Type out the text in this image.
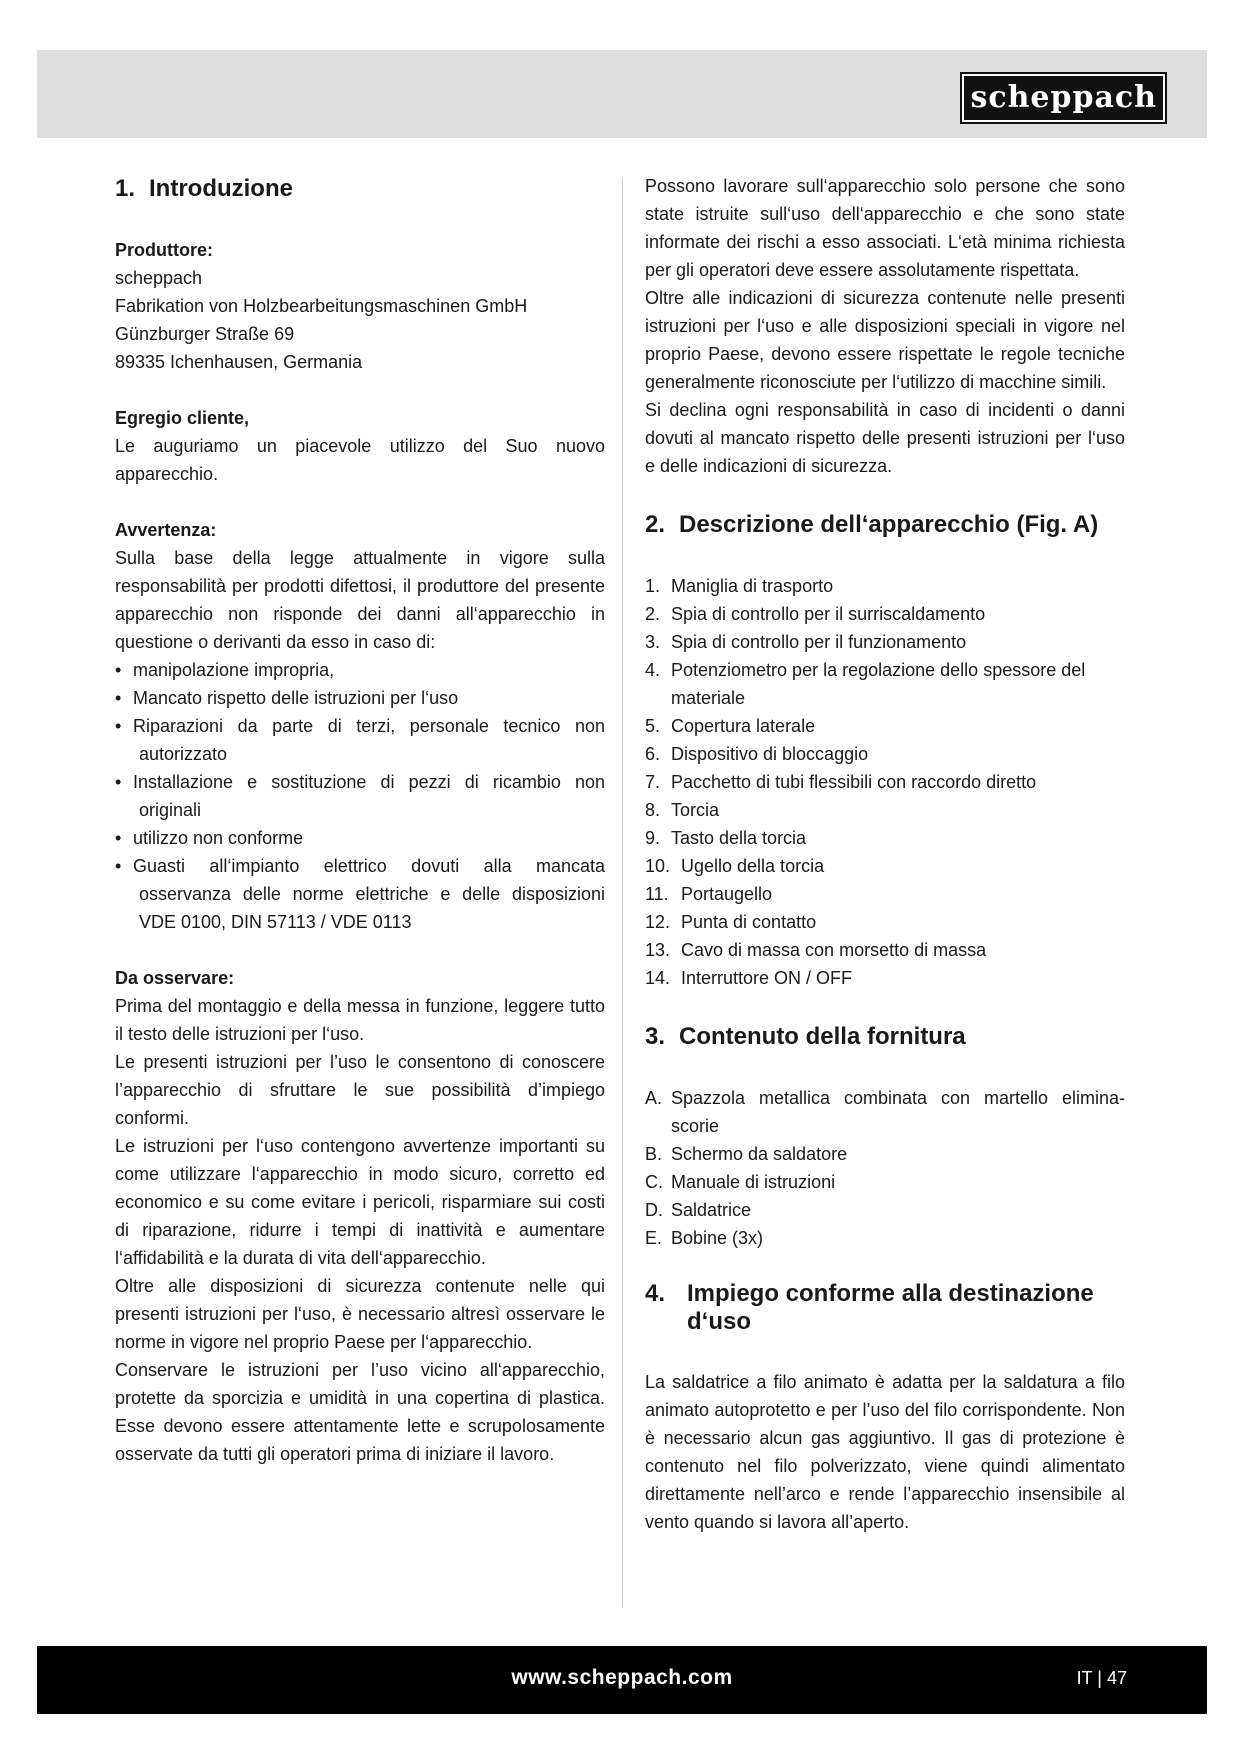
scheppach
1. Introduzione

Produttore:

scheppach

Fabrikation von Holzbearbeitungsmaschinen GmbH

Günzburger Straße 69

89335 Ichenhausen, Germania

Egregio cliente,

Le auguriamo un piacevole utilizzo del Suo nuovo apparecchio.

Avvertenza:

Sulla base della legge attualmente in vigore sulla responsabilità per prodotti difettosi, il produttore del presente apparecchio non risponde dei danni all‘apparecchio in questione o derivanti da esso in caso di:

• manipolazione impropria,
• Mancato rispetto delle istruzioni per l‘uso
• Riparazioni da parte di terzi, personale tecnico non autorizzato
• Installazione e sostituzione di pezzi di ricambio non originali
• utilizzo non conforme
• Guasti all‘impianto elettrico dovuti alla mancata osservanza delle norme elettriche e delle disposizioni VDE 0100, DIN 57113 / VDE 0113

Da osservare:

Prima del montaggio e della messa in funzione, leggere tutto il testo delle istruzioni per l‘uso.

Le presenti istruzioni per l’uso le consentono di conoscere l’apparecchio di sfruttare le sue possibilità d’impiego conformi.

Le istruzioni per l‘uso contengono avvertenze importanti su come utilizzare l‘apparecchio in modo sicuro, corretto ed economico e su come evitare i pericoli, risparmiare sui costi di riparazione, ridurre i tempi di inattività e aumentare l‘affidabilità e la durata di vita dell‘apparecchio.

Oltre alle disposizioni di sicurezza contenute nelle qui presenti istruzioni per l‘uso, è necessario altresì osservare le norme in vigore nel proprio Paese per l‘apparecchio.

Conservare le istruzioni per l’uso vicino all‘apparecchio, protette da sporcizia e umidità in una copertina di plastica. Esse devono essere attentamente lette e scrupolosamente osservate da tutti gli operatori prima di iniziare il lavoro.

Possono lavorare sull‘apparecchio solo persone che sono state istruite sull‘uso dell‘apparecchio e che sono state informate dei rischi a esso associati. L‘età minima richiesta per gli operatori deve essere assolutamente rispettata.

Oltre alle indicazioni di sicurezza contenute nelle presenti istruzioni per l‘uso e alle disposizioni speciali in vigore nel proprio Paese, devono essere rispettate le regole tecniche generalmente riconosciute per l‘utilizzo di macchine simili.

Si declina ogni responsabilità in caso di incidenti o danni dovuti al mancato rispetto delle presenti istruzioni per l‘uso e delle indicazioni di sicurezza.

2. Descrizione dell‘apparecchio (Fig. A)
1. Maniglia di trasporto
2. Spia di controllo per il surriscaldamento
3. Spia di controllo per il funzionamento
4. Potenziometro per la regolazione dello spessore del materiale
5. Copertura laterale
6. Dispositivo di bloccaggio
7. Pacchetto di tubi flessibili con raccordo diretto
8. Torcia
9. Tasto della torcia
10. Ugello della torcia
11. Portaugello
12. Punta di contatto
13. Cavo di massa con morsetto di massa
14. Interruttore ON / OFF
3. Contenuto della fornitura
A. Spazzola metallica combinata con martello elimina-scorie
B. Schermo da saldatore
C. Manuale di istruzioni
D. Saldatrice
E. Bobine (3x)
4. Impiego conforme alla destinazione d‘uso

La saldatrice a filo animato è adatta per la saldatura a filo animato autoprotetto e per l’uso del filo corrispondente. Non è necessario alcun gas aggiuntivo. Il gas di protezione è contenuto nel filo polverizzato, viene quindi alimentato direttamente nell’arco e rende l’apparecchio insensibile al vento quando si lavora all’aperto.

www.scheppach.com	IT | 47
